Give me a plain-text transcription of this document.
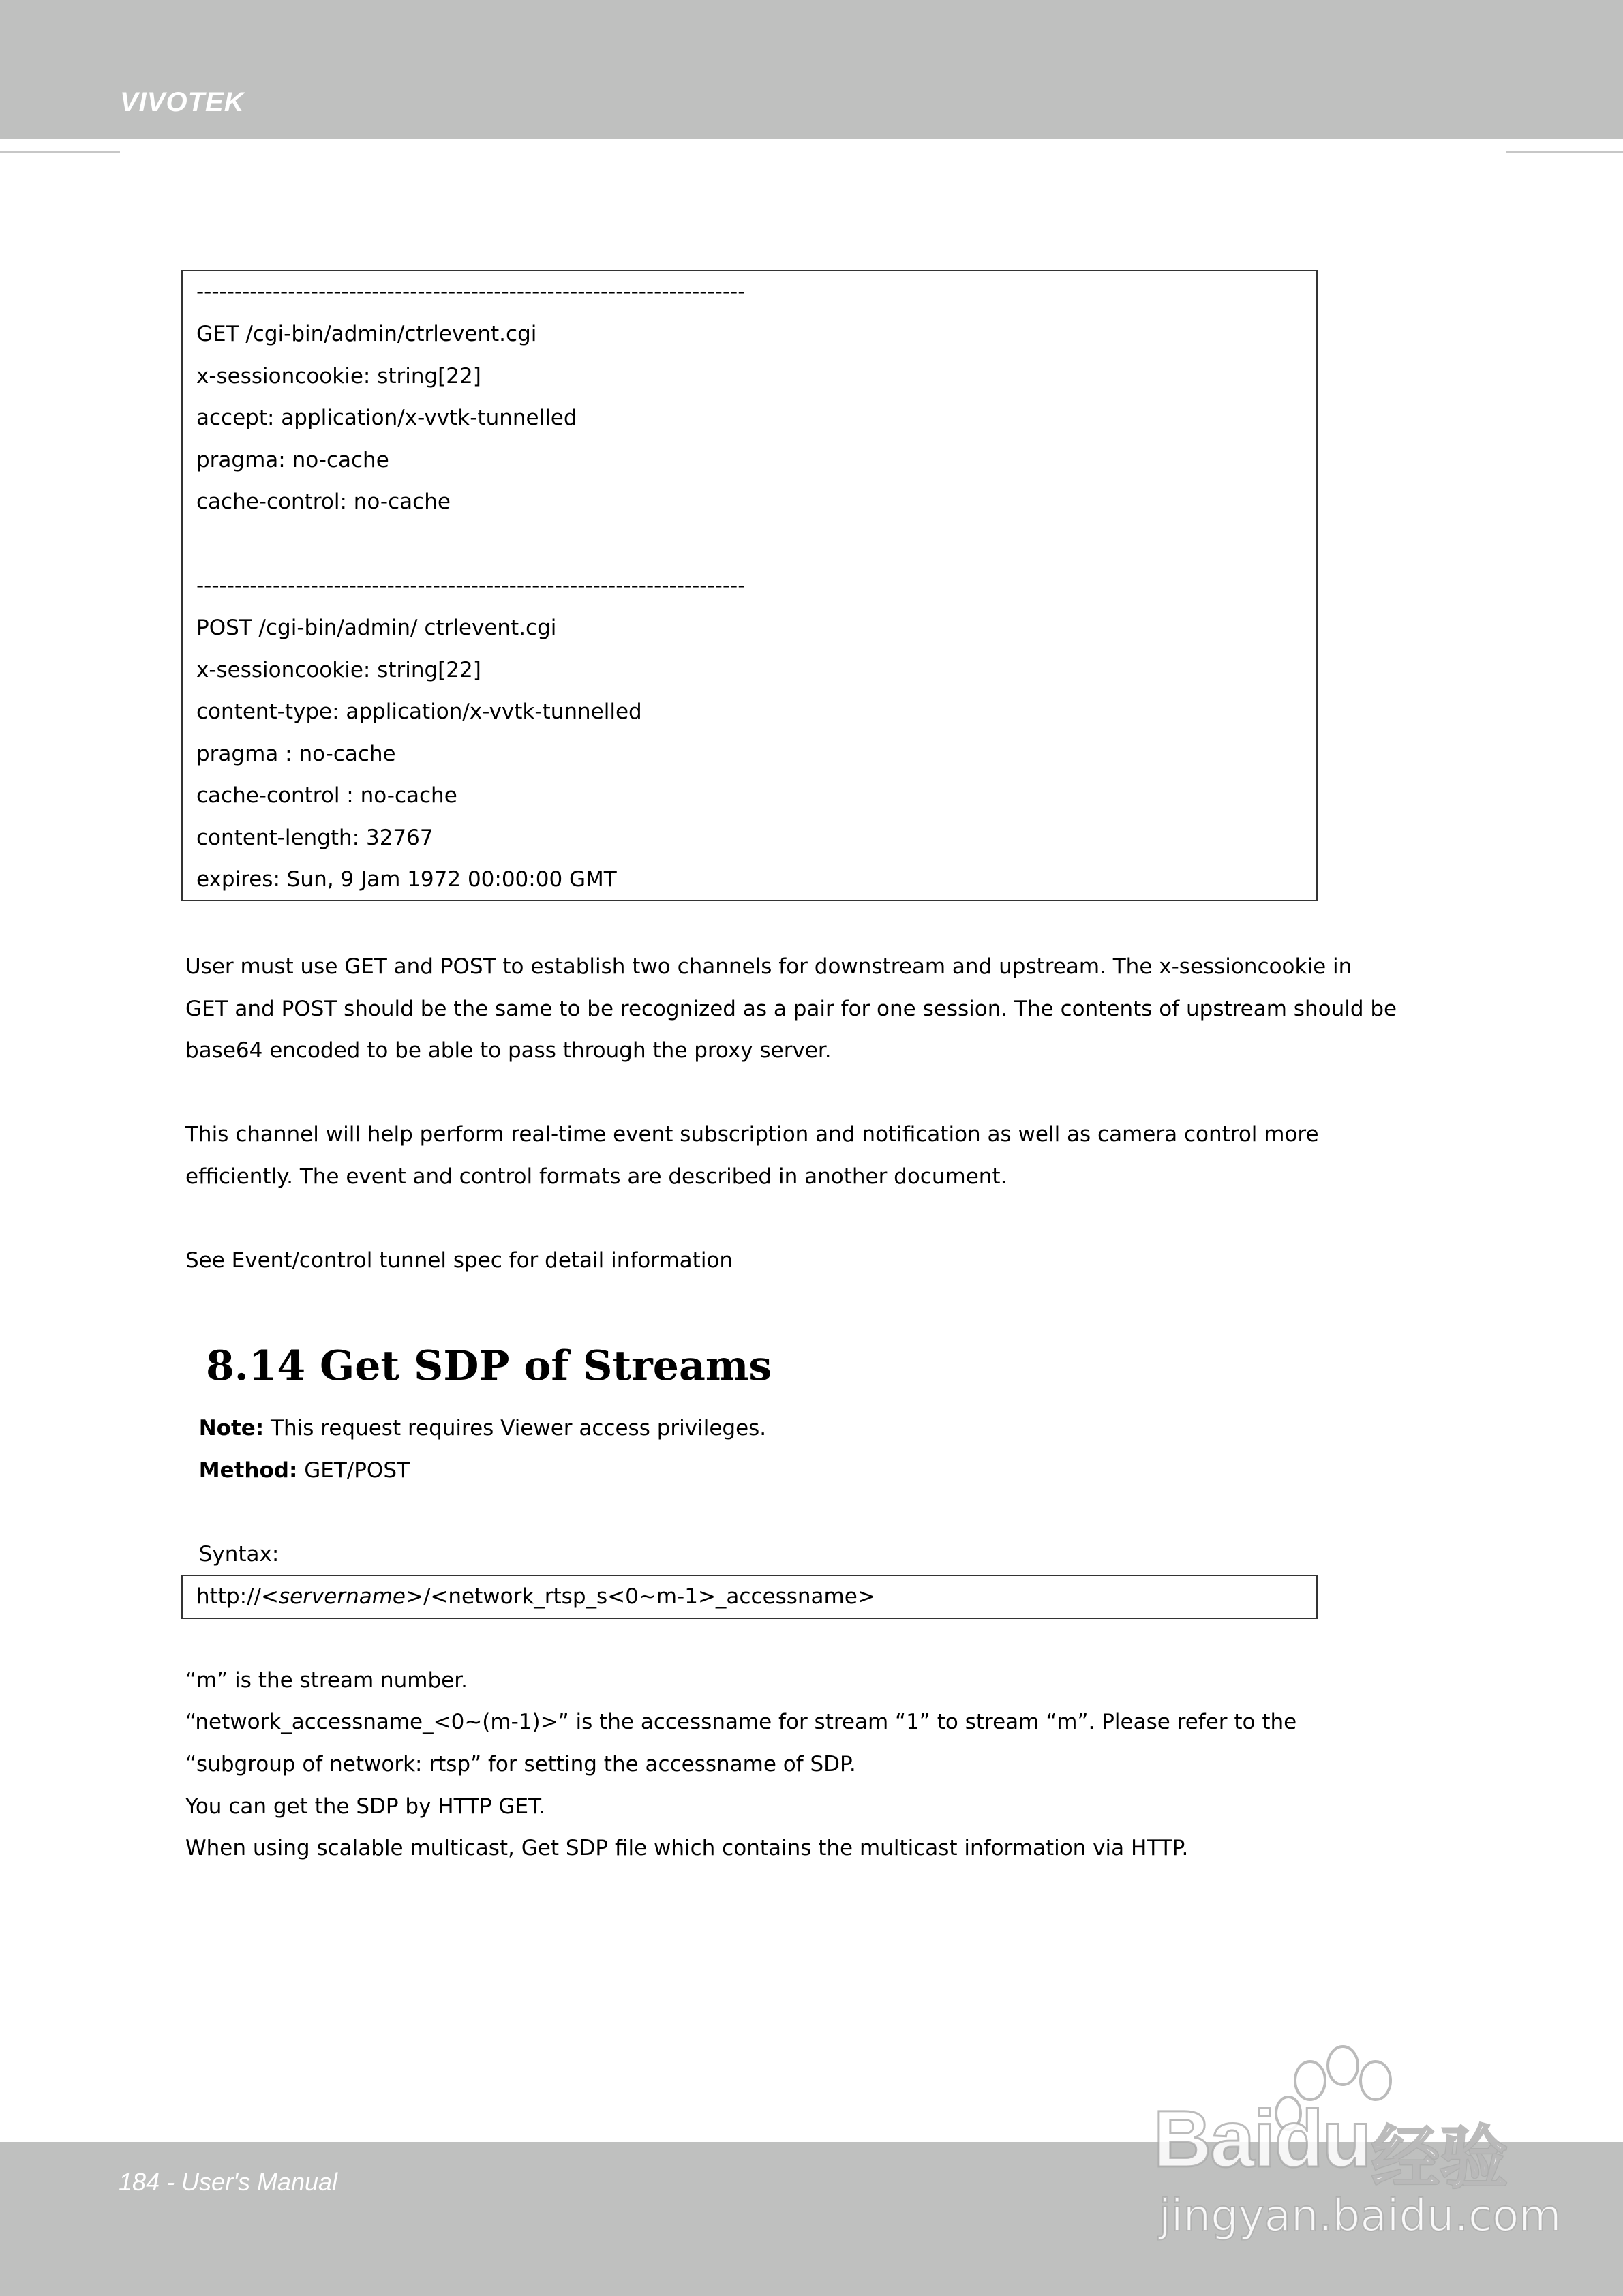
VIVOTEK
------------------------------------------------------------------------
GET /cgi-bin/admin/ctrlevent.cgi
x-sessioncookie: string[22]
accept: application/x-vvtk-tunnelled
pragma: no-cache
cache-control: no-cache
------------------------------------------------------------------------
POST /cgi-bin/admin/ ctrlevent.cgi
x-sessioncookie: string[22]
content-type: application/x-vvtk-tunnelled
pragma : no-cache
cache-control : no-cache
content-length: 32767
expires: Sun, 9 Jam 1972 00:00:00 GMT
User must use GET and POST to establish two channels for downstream and upstream. The x-sessioncookie in
GET and POST should be the same to be recognized as a pair for one session. The contents of upstream should be
base64 encoded to be able to pass through the proxy server.
This channel will help perform real-time event subscription and notification as well as camera control more
efficiently. The event and control formats are described in another document.
See Event/control tunnel spec for detail information
8.14 Get SDP of Streams
Note: This request requires Viewer access privileges.
Method: GET/POST
Syntax:
http://<servername>/<network_rtsp_s<0~m-1>_accessname>
“m” is the stream number.
“network_accessname_<0~(m-1)>” is the accessname for stream “1” to stream “m”. Please refer to the
“subgroup of network: rtsp” for setting the accessname of SDP.
You can get the SDP by HTTP GET.
When using scalable multicast, Get SDP file which contains the multicast information via HTTP.
184 - User's Manual	Baidu 经验
jingyan.baidu.com
